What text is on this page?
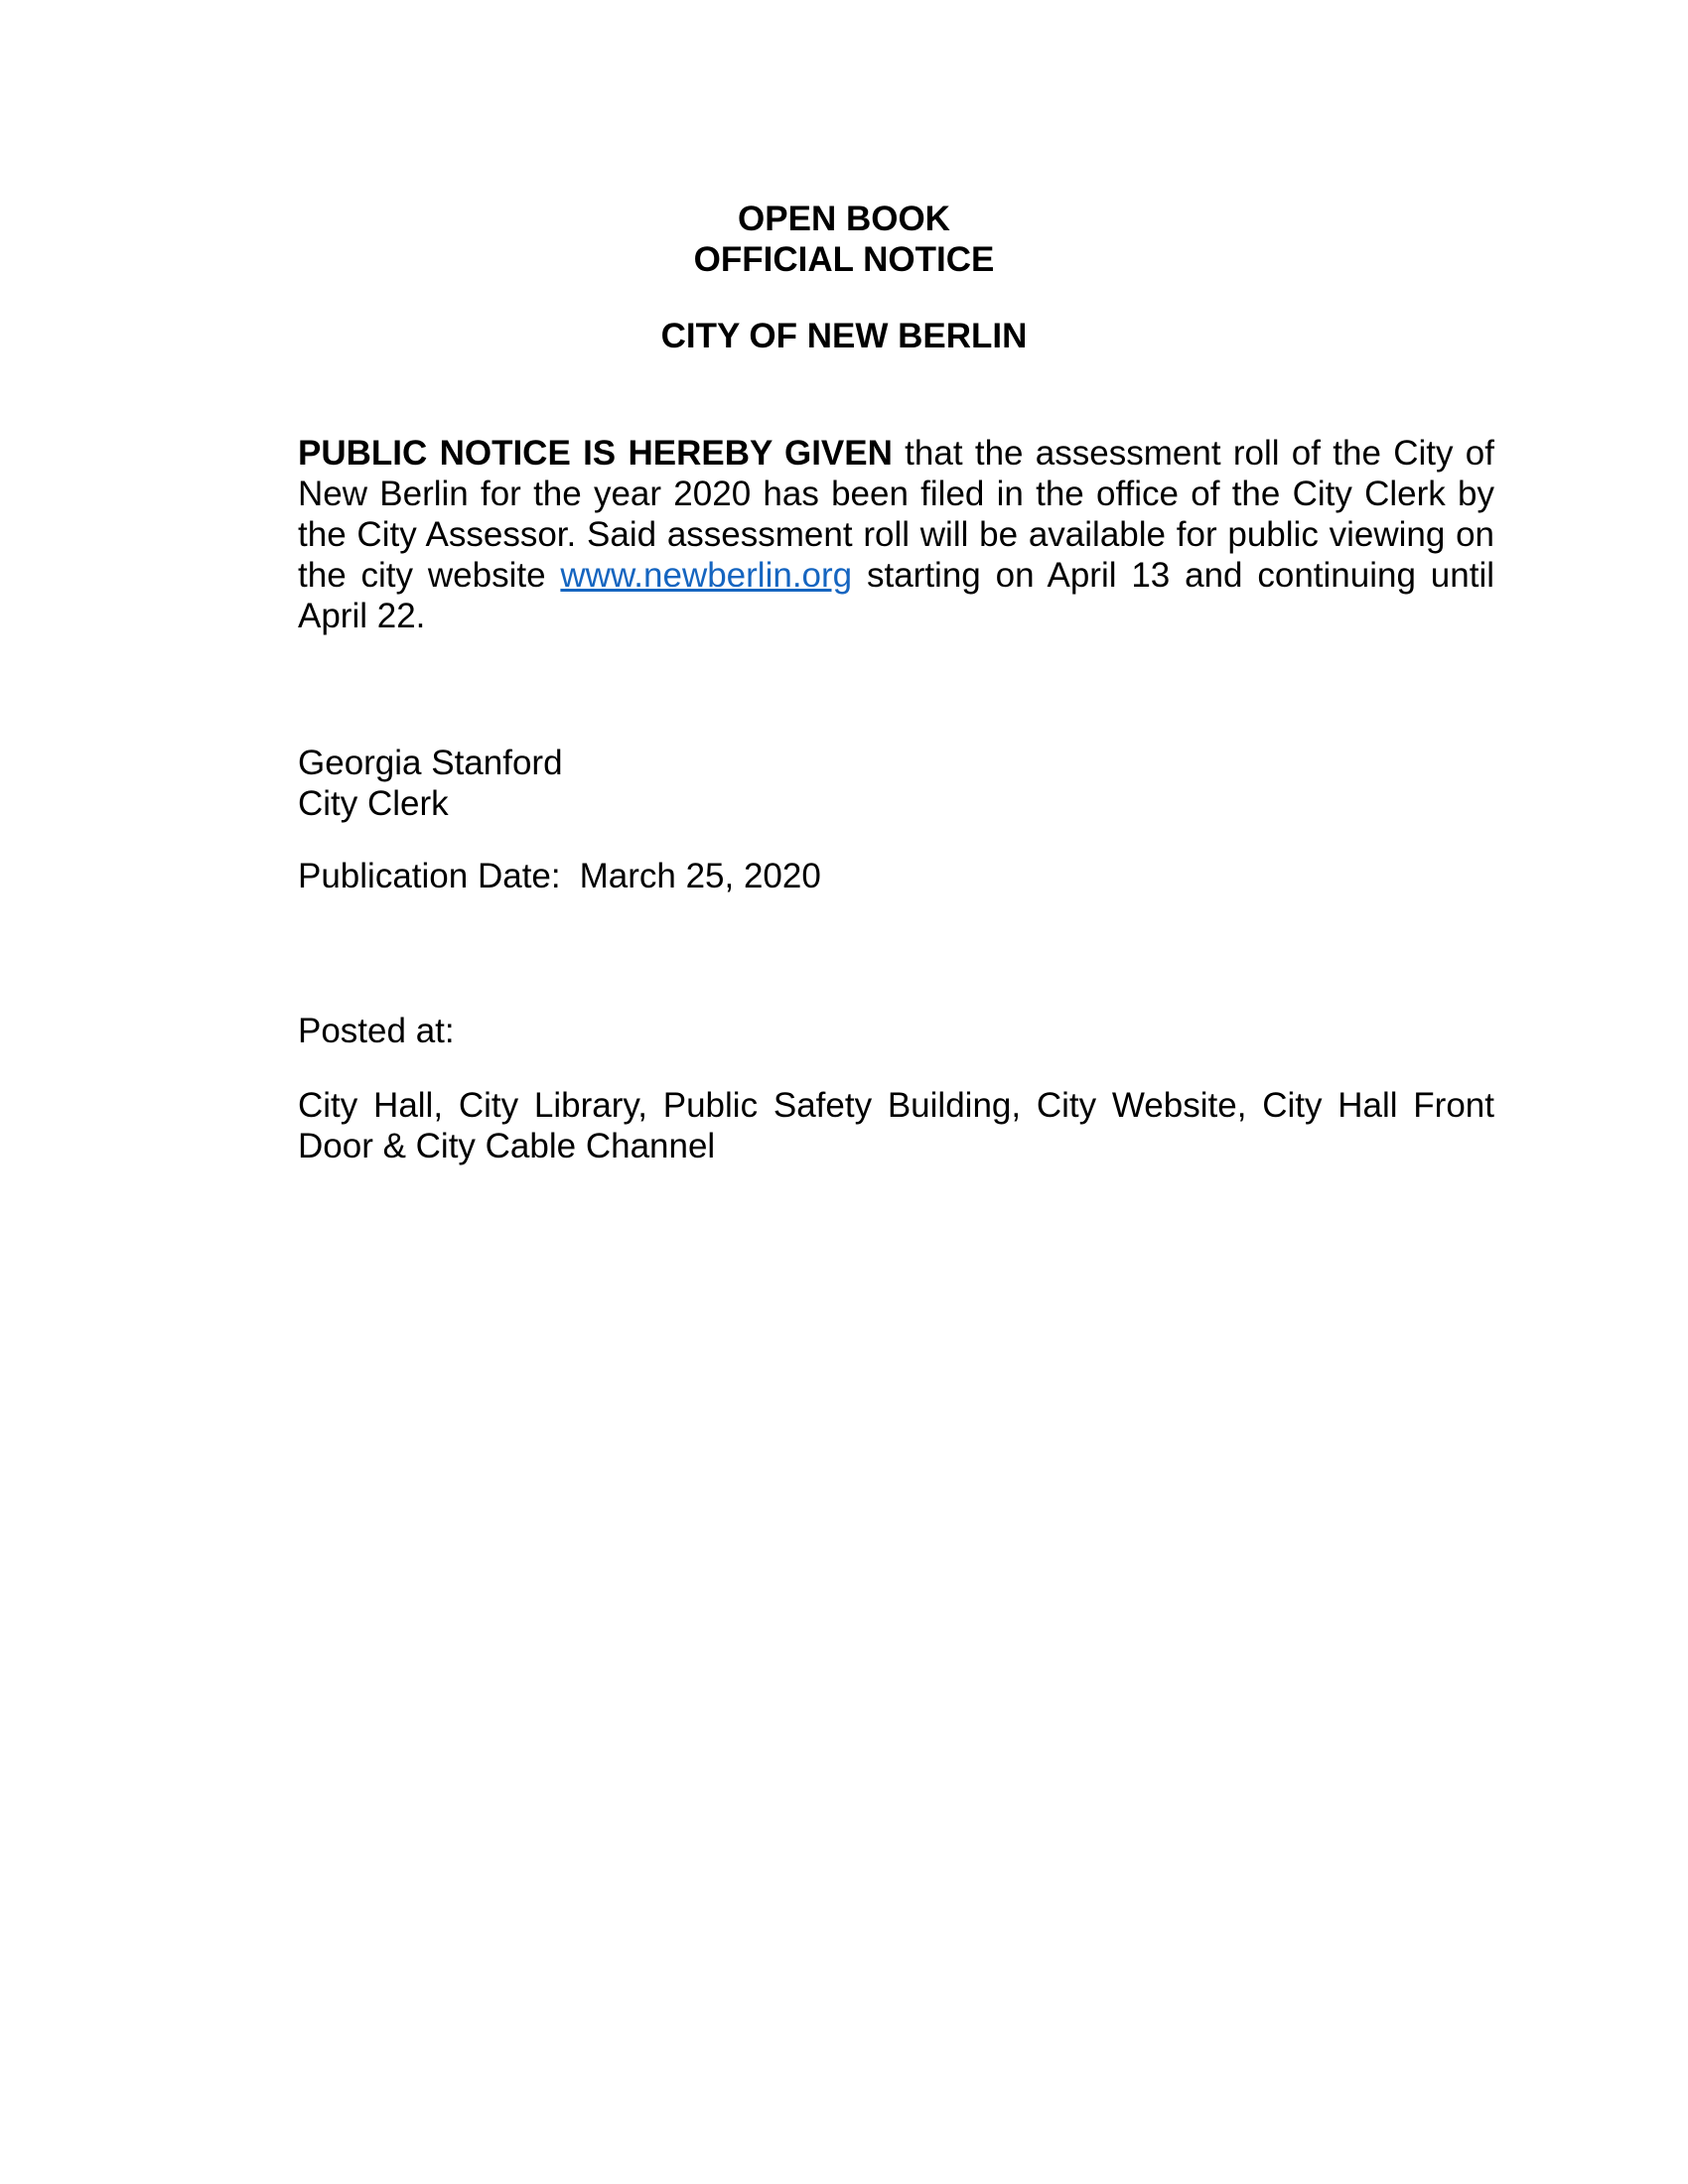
OPEN BOOK
OFFICIAL NOTICE
CITY OF NEW BERLIN

PUBLIC NOTICE IS HEREBY GIVEN that the assessment roll of the City of New Berlin for the year 2020 has been filed in the office of the City Clerk by the City Assessor. Said assessment roll will be available for public viewing on the city website www.newberlin.org starting on April 13 and continuing until April 22.

Georgia Stanford
City Clerk
Publication Date: March 25, 2020
Posted at:
City Hall, City Library, Public Safety Building, City Website, City Hall Front Door & City Cable Channel
